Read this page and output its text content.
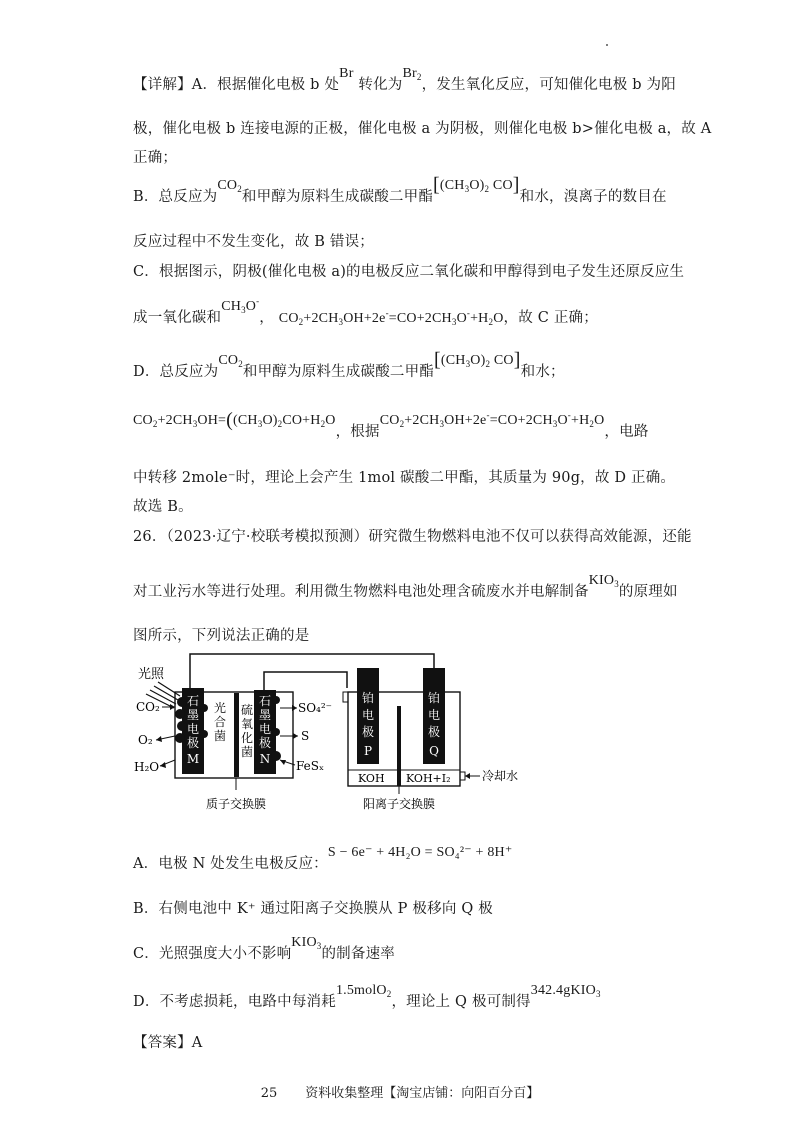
【详解】A．根据催化电极 b 处Br 转化为$Br_2$，发生氧化反应，可知催化电极 b 为阳
极，催化电极 b 连接电源的正极，催化电极 a 为阴极，则催化电极 b>催化电极 a，故 A
正确；
B．总反应为$CO_2$和甲醇为原料生成碳酸二甲酯[$(CH_3O)_2$ CO]和水，溴离子的数目在
反应过程中不发生变化，故 B 错误；
C．根据图示，阴极(催化电极 a)的电极反应二氧化碳和甲醇得到电子发生还原反应生
成一氧化碳和$CH_3O^-$， $CO_2+2CH_3OH+2e^-=CO+2CH_3O^-+H_2O$，故 C 正确；
D．总反应为$CO_2$和甲醇为原料生成碳酸二甲酯[$(CH_3O)_2$ CO]和水；
$CO_2+2CH_3OH=((CH_3O)_2CO+H_2O$，根据$CO_2+2CH_3OH+2e^-=CO+2CH_3O^-+H_2O$，电路
中转移 2mole⁻时，理论上会产生 1mol 碳酸二甲酯，其质量为 90g，故 D 正确。
故选 B。
26．（2023·辽宁·校联考模拟预测）研究微生物燃料电池不仅可以获得高效能源，还能
对工业污水等进行处理。利用微生物燃料电池处理含硫废水并电解制备$KIO_3$的原理如
图所示，下列说法正确的是
石
墨
电
极
M
光
合
菌
石
墨
电
极
N
硫
氧
化
菌
光照
CO₂
O₂
H₂O
SO₄²⁻
S
FeSₓ
铂
电
极
P
铂
电
极
Q
KOH KOH+I₂	冷却水
质子交换膜	阳离子交换膜
A．电极 N 处发生电极反应：S − 6e⁻ + 4H₂O = SO₄²⁻ + 8H⁺
B．右侧电池中 K⁺ 通过阳离子交换膜从 P 极移向 Q 极
C．光照强度大小不影响$KIO_3$的制备速率
D．不考虑损耗，电路中每消耗1.5molO$_2$，理论上 Q 极可制得342.4gKIO$_3$
【答案】A
25 资料收集整理【淘宝店铺：向阳百分百】
